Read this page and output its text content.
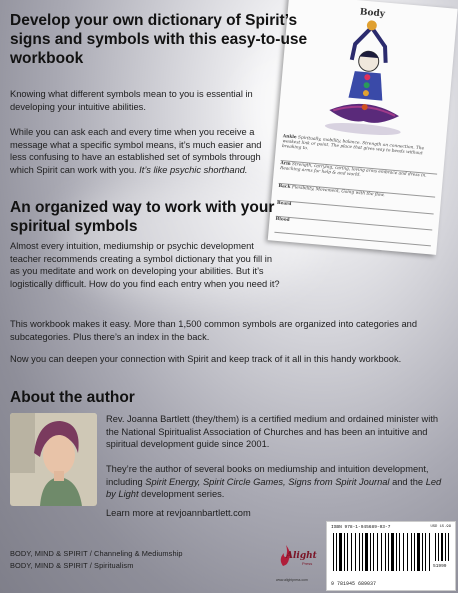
Body
Ankle Spiritually, mobility, balance. Strength on connection. The weakest link or point. The place that gives way to bends without breaking to.
Arm Strength, carrying, caring, loving arms embrace and dress in. Reaching arms for help & and world.
Back Flexibility, Movement, Going with the flow.
Beard
Blood
Develop your own dictionary of Spirit’s signs and symbols with this easy-to-use workbook

Knowing what different symbols mean to you is essential in developing your intuitive abilities.

While you can ask each and every time when you receive a message what a specific symbol means, it’s much easier and less confusing to have an established set of symbols through which Spirit can work with you. It’s like psychic shorthand.

An organized way to work with your spiritual symbols

Almost every intuition, mediumship or psychic development teacher recommends creating a symbol dictionary that you fill in as you meditate and work on developing your abilities. But it’s logistically difficult. How do you find each entry when you need it?

This workbook makes it easy. More than 1,500 common symbols are organized into categories and subcategories. Plus there’s an index in the back.

Now you can deepen your connection with Spirit and keep track of it all in this handy workbook.

About the author

Rev. Joanna Bartlett (they/them) is a certified medium and ordained minister with the National Spiritualist Association of Churches and has been an intuitive and spiritual development guide since 2001.

They’re the author of several books on mediumship and intuition development, including Spirit Energy, Spirit Circle Games, Signs from Spirit Journal and the Led by Light development series.

Learn more at revjoannbartlett.com

BODY, MIND & SPIRIT / Channeling & Mediumship
BODY, MIND & SPIRIT / Spiritualism
Alight
Press
www.alightpress.com
ISBN 978-1-945689-03-7	USD 15.99
9 781945 689037
51999
